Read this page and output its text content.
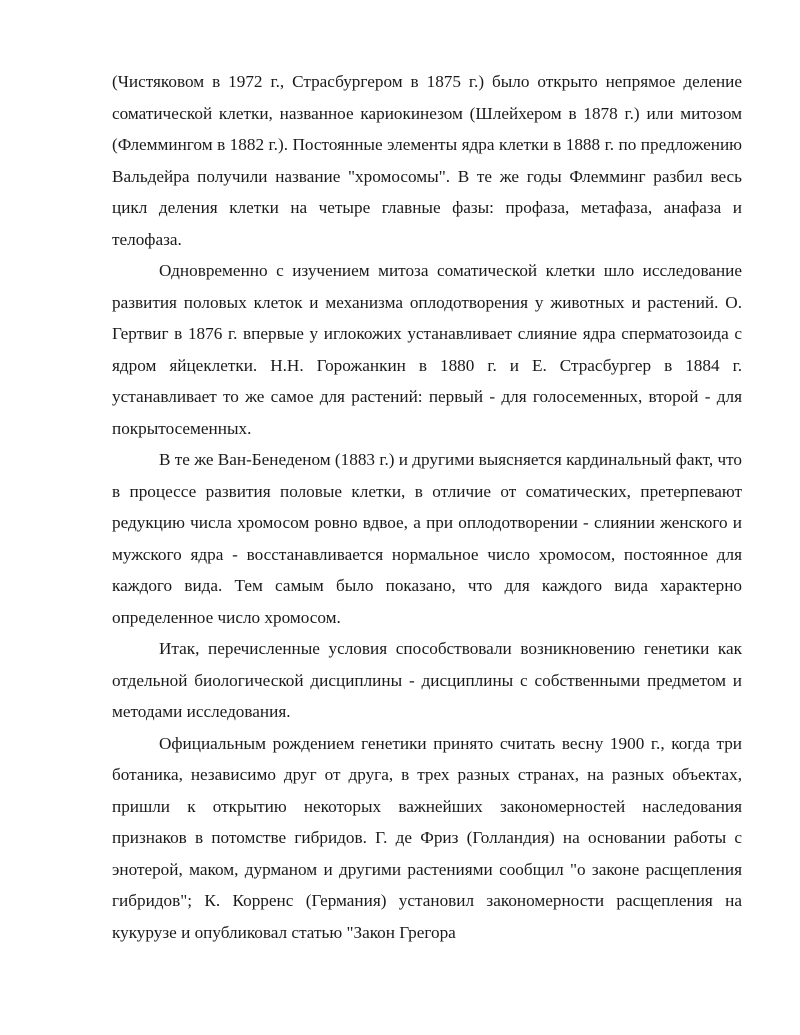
(Чистяковом в 1972 г., Страсбургером в 1875 г.) было открыто непрямое деление соматической клетки, названное кариокинезом (Шлейхером в 1878 г.) или митозом (Флеммингом в 1882 г.). Постоянные элементы ядра клетки в 1888 г. по предложению Вальдейра получили название "хромосомы". В те же годы Флемминг разбил весь цикл деления клетки на четыре главные фазы: профаза, метафаза, анафаза и телофаза.

Одновременно с изучением митоза соматической клетки шло исследование развития половых клеток и механизма оплодотворения у животных и растений. О. Гертвиг в 1876 г. впервые у иглокожих устанавливает слияние ядра сперматозоида с ядром яйцеклетки. Н.Н. Горожанкин в 1880 г. и Е. Страсбургер в 1884 г. устанавливает то же самое для растений: первый - для голосеменных, второй - для покрытосеменных.

В те же Ван-Бенеденом (1883 г.) и другими выясняется кардинальный факт, что в процессе развития половые клетки, в отличие от соматических, претерпевают редукцию числа хромосом ровно вдвое, а при оплодотворении - слиянии женского и мужского ядра - восстанавливается нормальное число хромосом, постоянное для каждого вида. Тем самым было показано, что для каждого вида характерно определенное число хромосом.

Итак, перечисленные условия способствовали возникновению генетики как отдельной биологической дисциплины - дисциплины с собственными предметом и методами исследования.

Официальным рождением генетики принято считать весну 1900 г., когда три ботаника, независимо друг от друга, в трех разных странах, на разных объектах, пришли к открытию некоторых важнейших закономерностей наследования признаков в потомстве гибридов. Г. де Фриз (Голландия) на основании работы с энотерой, маком, дурманом и другими растениями сообщил "о законе расщепления гибридов"; К. Корренс (Германия) установил закономерности расщепления на кукурузе и опубликовал статью "Закон Грегора
